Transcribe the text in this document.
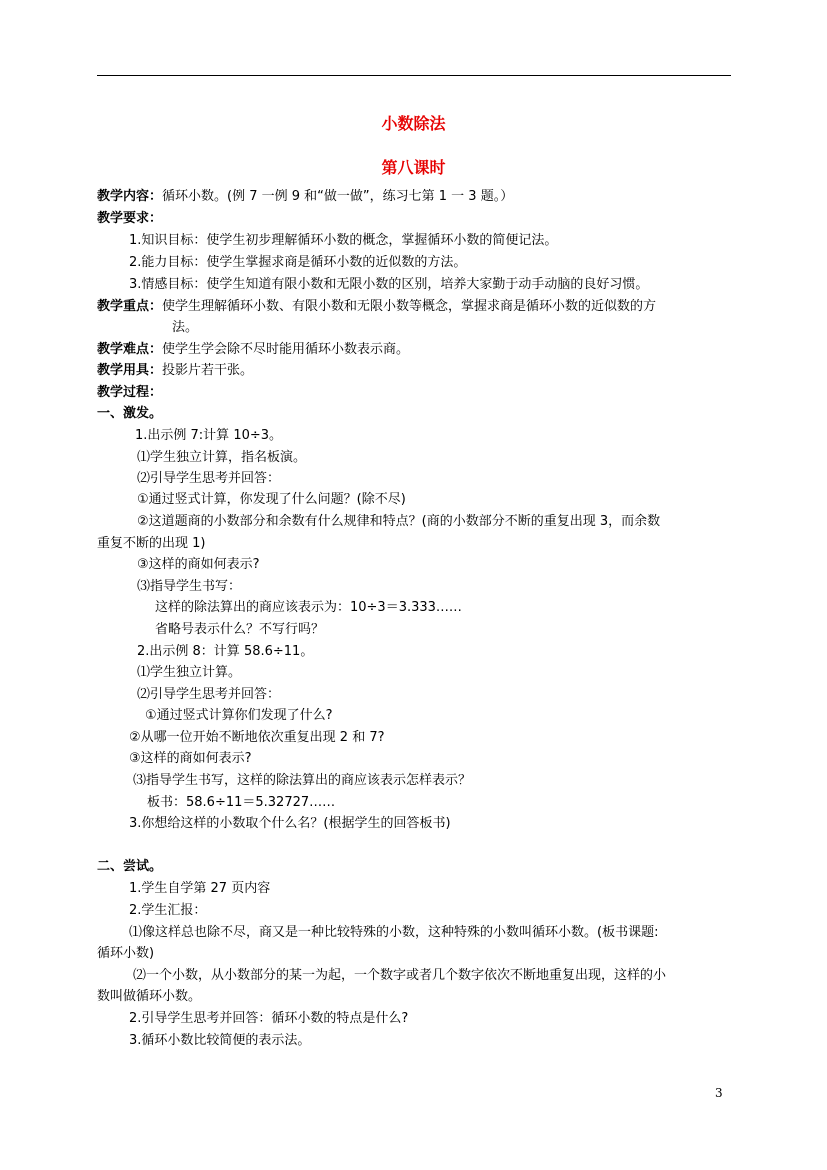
小数除法
第八课时
教学内容：循环小数。(例 7 一例 9 和“做一做”，练习七第 1 一 3 题。）
教学要求：
1.知识目标：使学生初步理解循环小数的概念，掌握循环小数的简便记法。
2.能力目标：使学生掌握求商是循环小数的近似数的方法。
3.情感目标：使学生知道有限小数和无限小数的区别，培养大家勤于动手动脑的良好习惯。
教学重点：使学生理解循环小数、有限小数和无限小数等概念，掌握求商是循环小数的近似数的方
法。
教学难点：使学生学会除不尽时能用循环小数表示商。
教学用具：投影片若干张。
教学过程：
一、激发。
1.出示例 7:计算 10÷3。
⑴学生独立计算，指名板演。
⑵引导学生思考并回答：
①通过竖式计算，你发现了什么问题？(除不尽)
②这道题商的小数部分和余数有什么规律和特点？(商的小数部分不断的重复出现 3，而余数
重复不断的出现 1)
③这样的商如何表示?
⑶指导学生书写：
这样的除法算出的商应该表示为：10÷3＝3.333……
省略号表示什么？不写行吗？
2.出示例 8：计算 58.6÷11。
⑴学生独立计算。
⑵引导学生思考并回答：
①通过竖式计算你们发现了什么?
②从哪一位开始不断地依次重复出现 2 和 7?
③这样的商如何表示?
⑶指导学生书写，这样的除法算出的商应该表示怎样表示？
板书：58.6÷11＝5.32727……
3.你想给这样的小数取个什么名？(根据学生的回答板书)
二、尝试。
1.学生自学第 27 页内容
2.学生汇报：
⑴像这样总也除不尽，商又是一种比较特殊的小数，这种特殊的小数叫循环小数。(板书课题:
循环小数)
⑵一个小数，从小数部分的某一为起，一个数字或者几个数字依次不断地重复出现，这样的小
数叫做循环小数。
2.引导学生思考并回答：循环小数的特点是什么?
3.循环小数比较简便的表示法。
3
